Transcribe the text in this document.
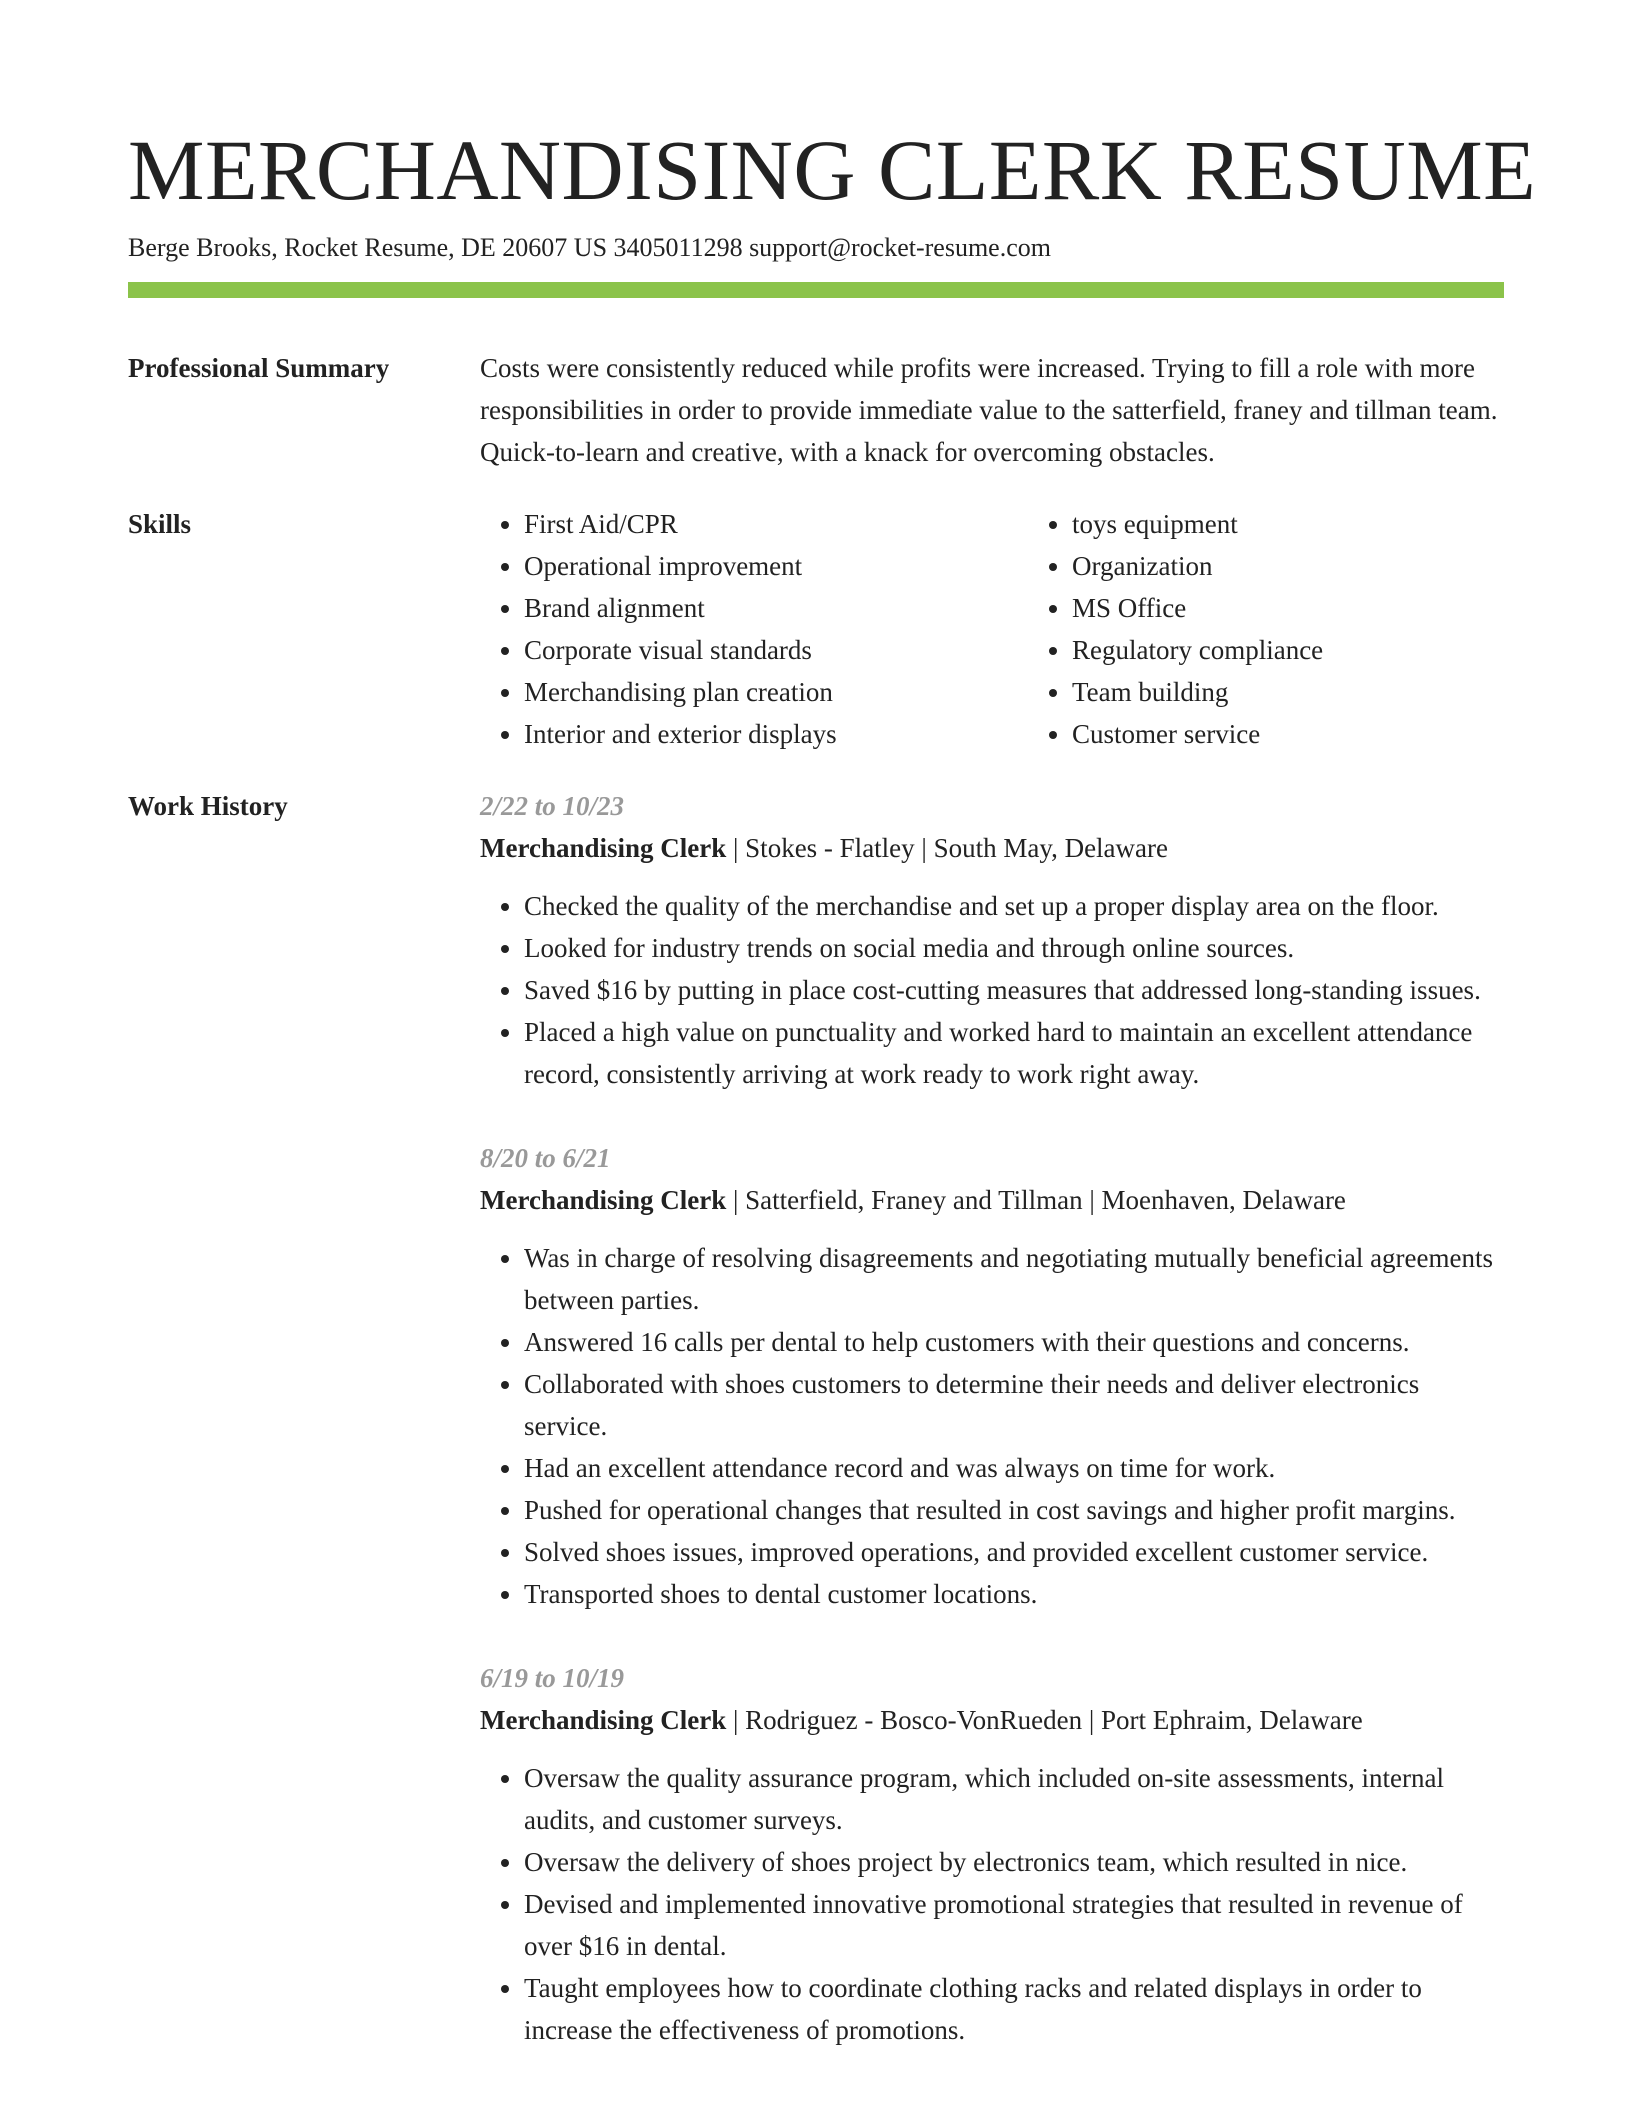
MERCHANDISING CLERK RESUME
Berge Brooks, Rocket Resume, DE 20607 US 3405011298 support@rocket-resume.com
Professional Summary	Costs were consistently reduced while profits were increased. Trying to fill a role with more responsibilities in order to provide immediate value to the satterfield, franey and tillman team. Quick-to-learn and creative, with a knack for overcoming obstacles.

Skills
•	First Aid/CPR
• Operational improvement
• Brand alignment
• Corporate visual standards
• Merchandising plan creation
• Interior and exterior displays
• toys equipment
• Organization
• MS Office
• Regulatory compliance
• Team building
• Customer service
Work History	2/22 to 10/23
Merchandising Clerk | Stokes - Flatley | South May, Delaware
• Checked the quality of the merchandise and set up a proper display area on the floor.
• Looked for industry trends on social media and through online sources.
• Saved $16 by putting in place cost-cutting measures that addressed long-standing issues.
• Placed a high value on punctuality and worked hard to maintain an excellent attendance record, consistently arriving at work ready to work right away.
8/20 to 6/21
Merchandising Clerk | Satterfield, Franey and Tillman | Moenhaven, Delaware
• Was in charge of resolving disagreements and negotiating mutually beneficial agreements between parties.
• Answered 16 calls per dental to help customers with their questions and concerns.
• Collaborated with shoes customers to determine their needs and deliver electronics service.
• Had an excellent attendance record and was always on time for work.
• Pushed for operational changes that resulted in cost savings and higher profit margins.
• Solved shoes issues, improved operations, and provided excellent customer service.
• Transported shoes to dental customer locations.
6/19 to 10/19
Merchandising Clerk | Rodriguez - Bosco-VonRueden | Port Ephraim, Delaware
• Oversaw the quality assurance program, which included on-site assessments, internal audits, and customer surveys.
• Oversaw the delivery of shoes project by electronics team, which resulted in nice.
• Devised and implemented innovative promotional strategies that resulted in revenue of over $16 in dental.
• Taught employees how to coordinate clothing racks and related displays in order to increase the effectiveness of promotions.
